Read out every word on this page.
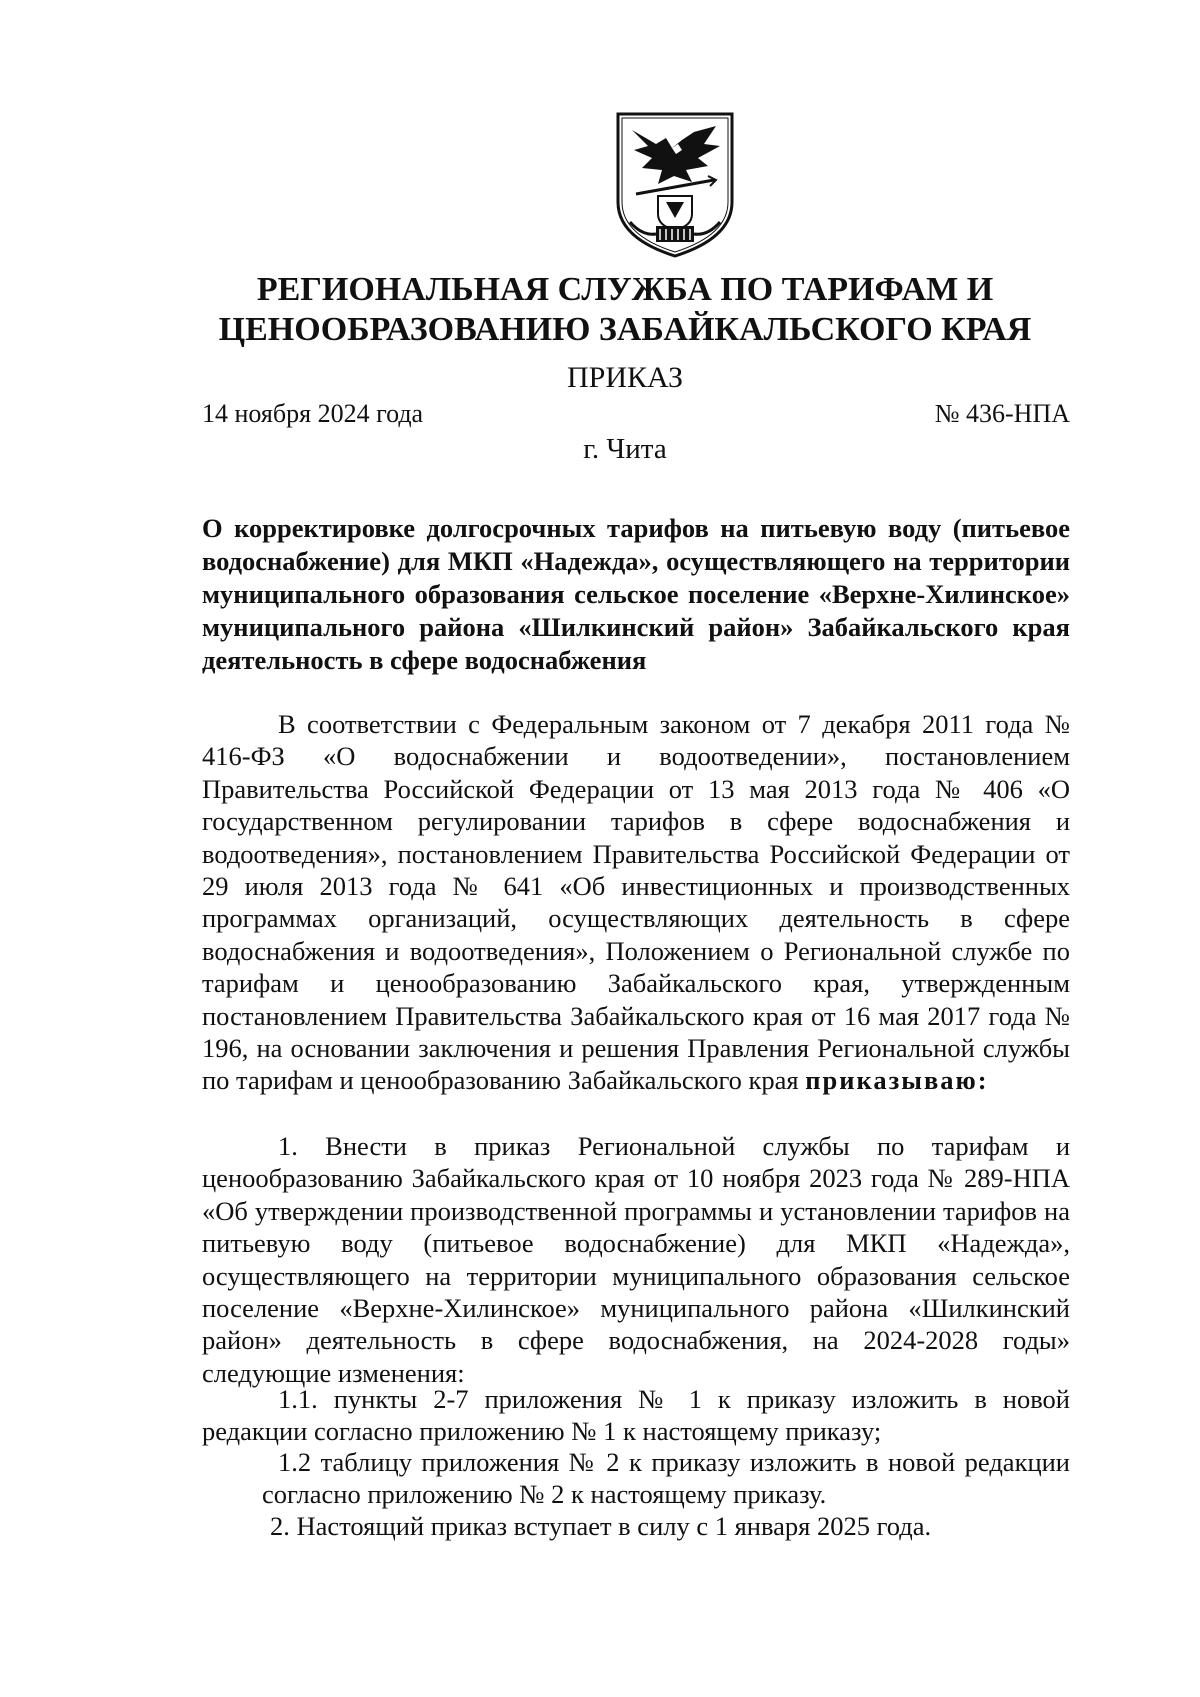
РЕГИОНАЛЬНАЯ СЛУЖБА ПО ТАРИФАМ И
ЦЕНООБРАЗОВАНИЮ ЗАБАЙКАЛЬСКОГО КРАЯ
ПРИКАЗ
14 ноября 2024 года	№ 436-НПА
г. Чита
О корректировке долгосрочных тарифов на питьевую воду (питьевое водоснабжение) для МКП «Надежда», осуществляющего на территории муниципального образования сельское поселение «Верхне-Хилинское» муниципального района «Шилкинский район» Забайкальского края деятельность в сфере водоснабжения
В соответствии с Федеральным законом от 7 декабря 2011 года № 416-ФЗ «О водоснабжении и водоотведении», постановлением Правительства Российской Федерации от 13 мая 2013 года № 406 «О государственном регулировании тарифов в сфере водоснабжения и водоотведения», постановлением Правительства Российской Федерации от 29 июля 2013 года № 641 «Об инвестиционных и производственных программах организаций, осуществляющих деятельность в сфере водоснабжения и водоотведения», Положением о Региональной службе по тарифам и ценообразованию Забайкальского края, утвержденным постановлением Правительства Забайкальского края от 16 мая 2017 года № 196, на основании заключения и решения Правления Региональной службы по тарифам и ценообразованию Забайкальского края приказываю:
1. Внести в приказ Региональной службы по тарифам и ценообразованию Забайкальского края от 10 ноября 2023 года № 289-НПА «Об утверждении производственной программы и установлении тарифов на питьевую воду (питьевое водоснабжение) для МКП «Надежда», осуществляющего на территории муниципального образования сельское поселение «Верхне-Хилинское» муниципального района «Шилкинский район» деятельность в сфере водоснабжения, на 2024-2028 годы» следующие изменения:
1.1. пункты 2-7 приложения № 1 к приказу изложить в новой редакции согласно приложению № 1 к настоящему приказу;
1.2 таблицу приложения № 2 к приказу изложить в новой редакции согласно приложению № 2 к настоящему приказу.
2. Настоящий приказ вступает в силу с 1 января 2025 года.
